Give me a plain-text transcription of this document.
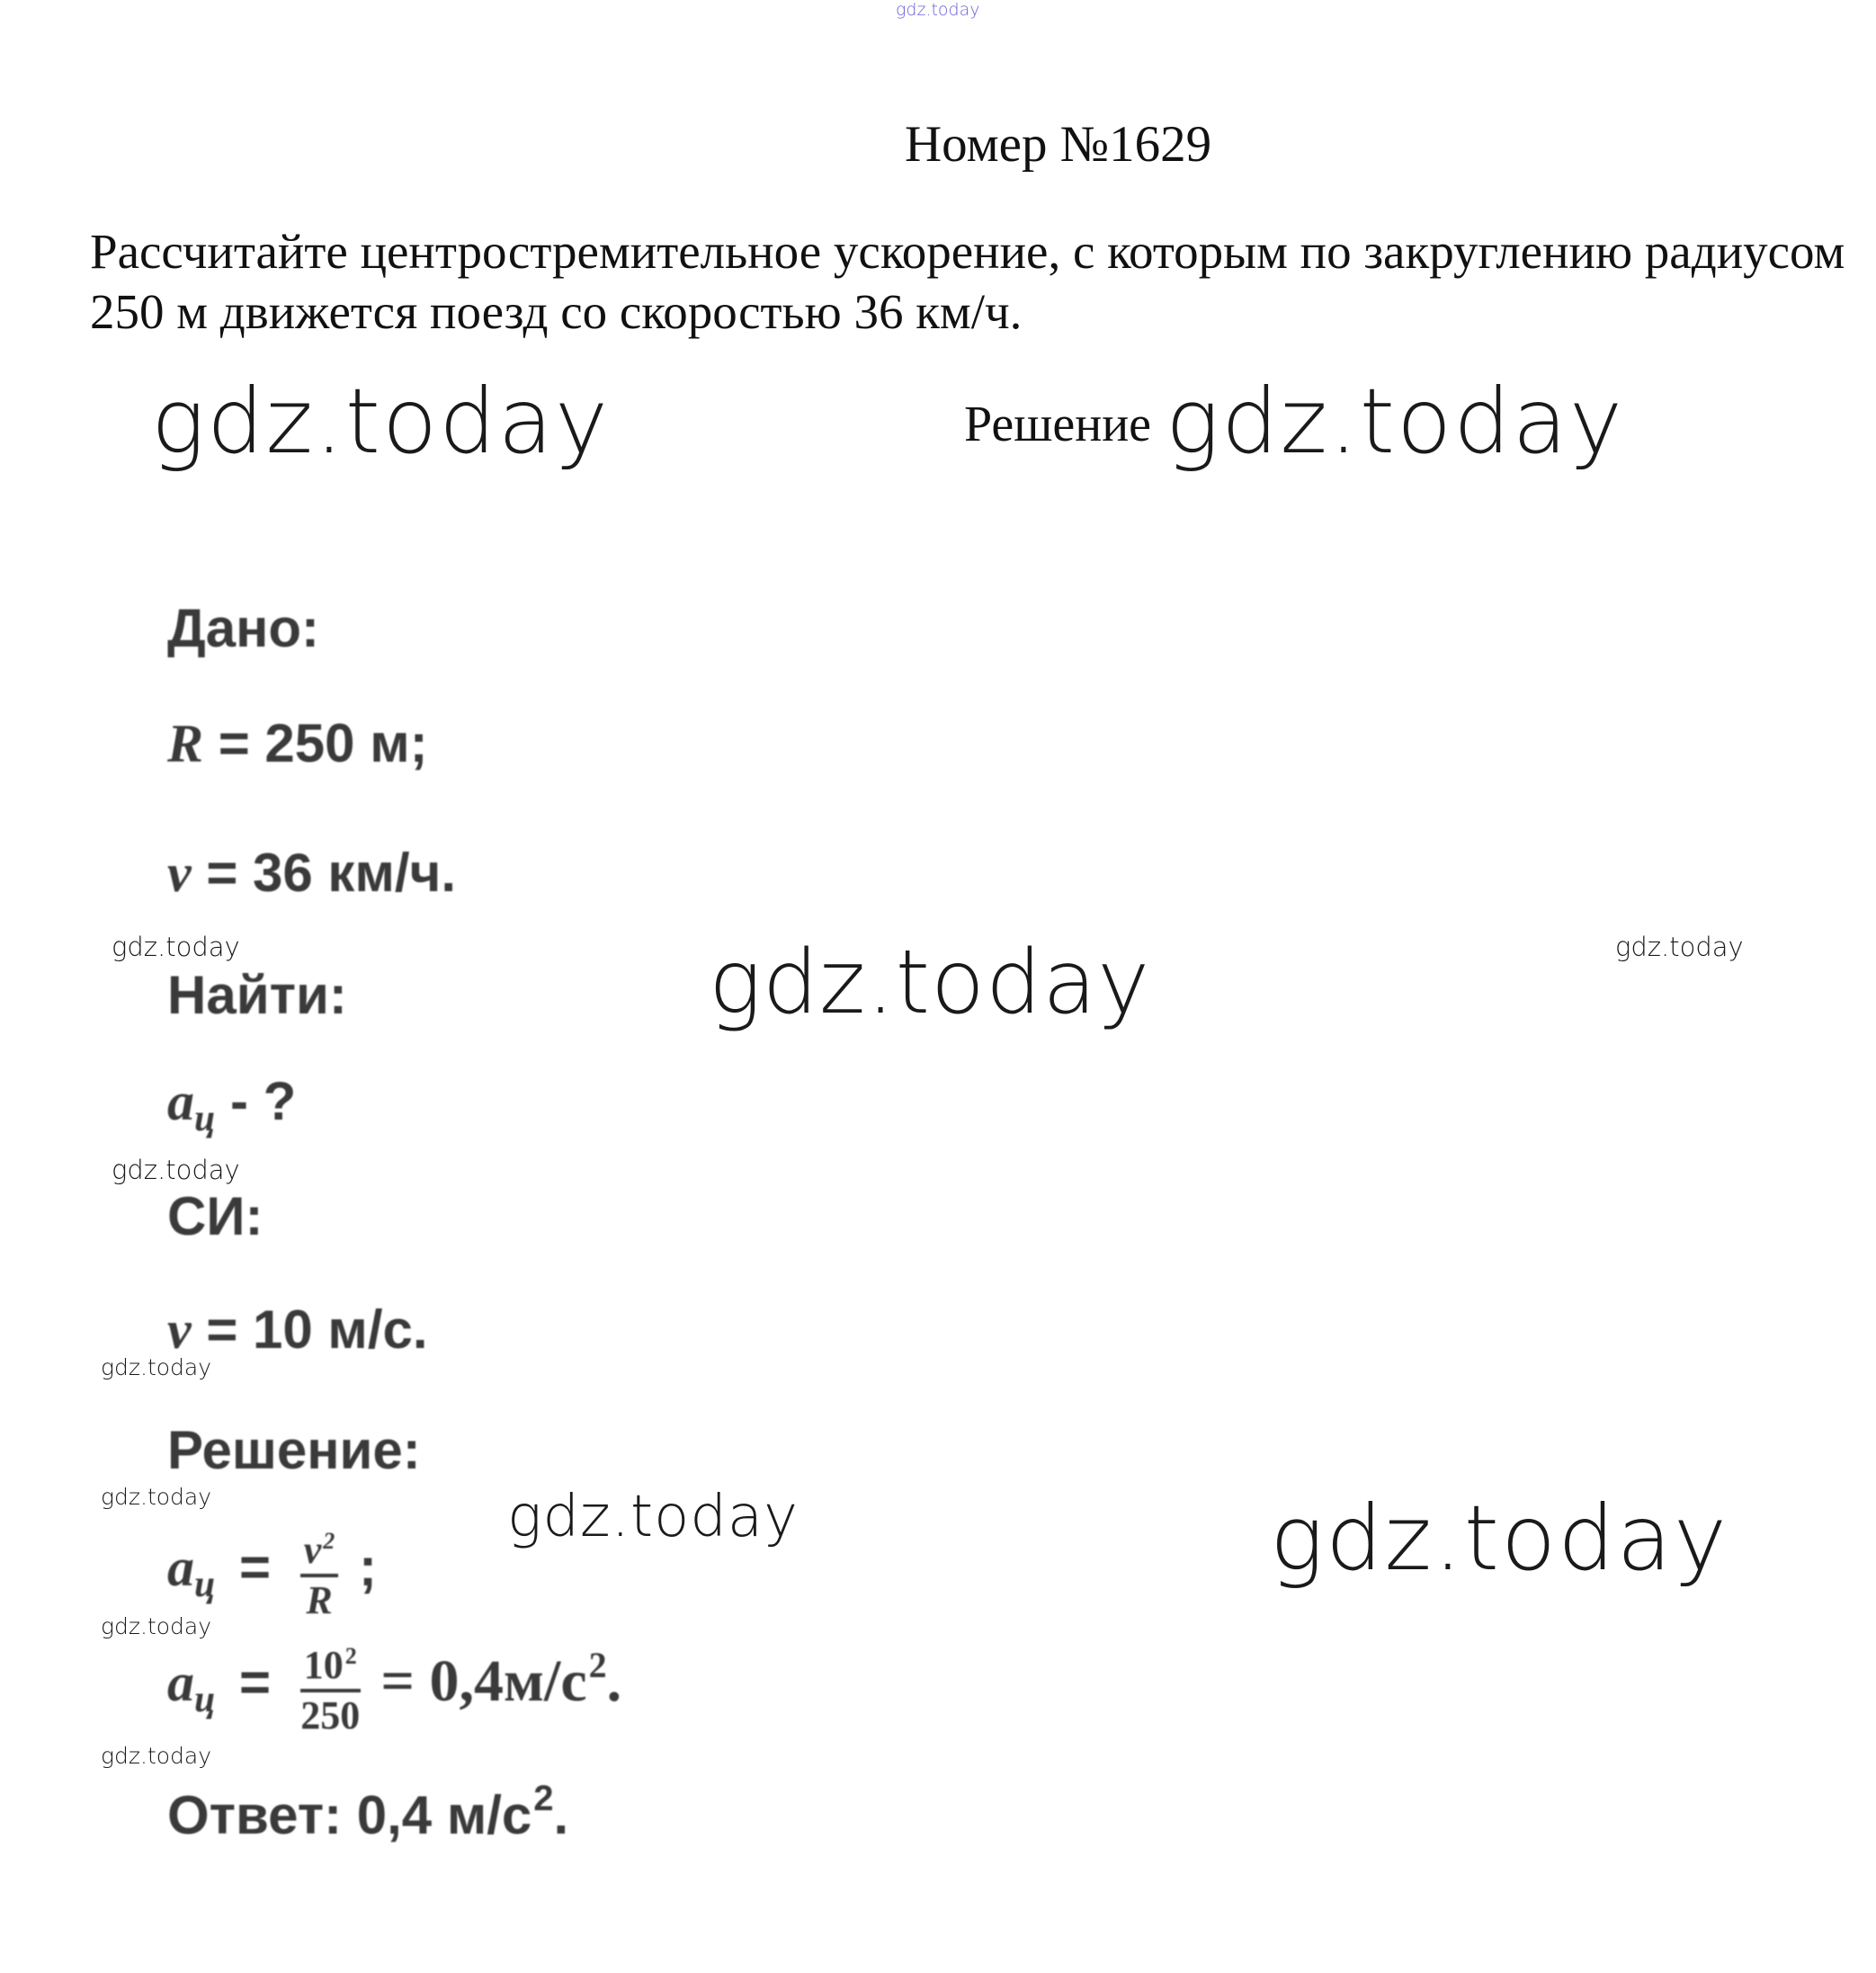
gdz.today
Номер №1629
Рассчитайте центростремительное ускорение, с которым по закруглению радиусом 250 м движется поезд со скоростью 36 км/ч.
gdz.today	Решение gdz.today
Дано:
R = 250 м;
v = 36 км/ч.
gdz.today	gdz.today	gdz.today
Найти:
$a_ц$ - ?
gdz.today
СИ:
v = 10 м/с.
gdz.today
Решение:
gdz.today	gdz.today	gdz.today
$a_ц = \frac{v^2}{R}$ ;
gdz.today
$a_ц = \frac{10^2}{250} = 0,4м/с^2$.
gdz.today
Ответ: 0,4 $м/с^2$.
